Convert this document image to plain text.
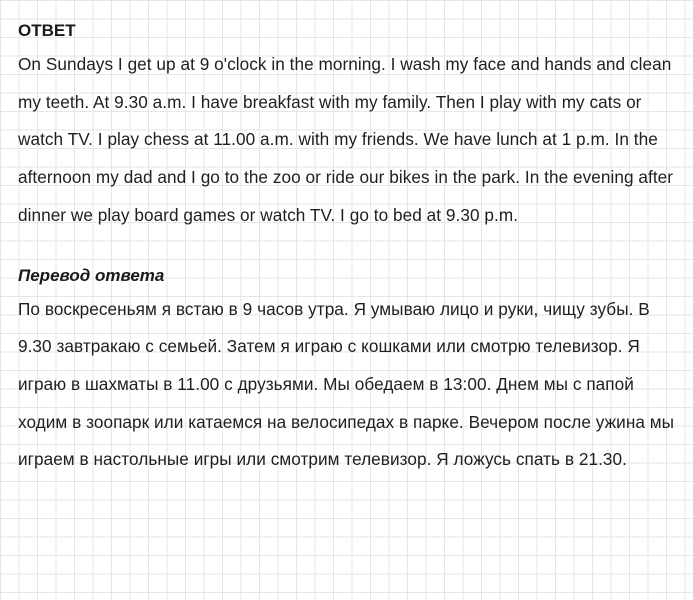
ОТВЕТ

On Sundays I get up at 9 o'clock in the morning. I wash my face and hands and clean my teeth. At 9.30 a.m. I have breakfast with my family. Then I play with my cats or watch TV. I play chess at 11.00 a.m. with my friends. We have lunch at 1 p.m. In the afternoon my dad and I go to the zoo or ride our bikes in the park. In the evening after dinner we play board games or watch TV. I go to bed at 9.30 p.m.

Перевод ответа

По воскресеньям я встаю в 9 часов утра. Я умываю лицо и руки, чищу зубы. В 9.30 завтракаю с семьей. Затем я играю с кошками или смотрю телевизор. Я играю в шахматы в 11.00 с друзьями. Мы обедаем в 13:00. Днем мы с папой ходим в зоопарк или катаемся на велосипедах в парке. Вечером после ужина мы играем в настольные игры или смотрим телевизор. Я ложусь спать в 21.30.
